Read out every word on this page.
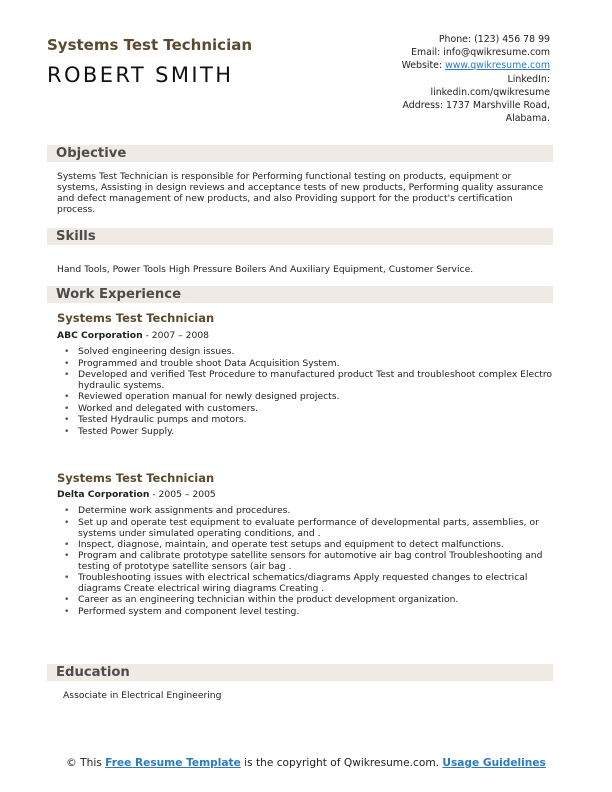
Systems Test Technician
ROBERT SMITH
Phone: (123) 456 78 99
Email: info@qwikresume.com
Website: www.qwikresume.com
LinkedIn:
linkedin.com/qwikresume
Address: 1737 Marshville Road,
Alabama.
Objective
Systems Test Technician is responsible for Performing functional testing on products, equipment or systems, Assisting in design reviews and acceptance tests of new products, Performing quality assurance and defect management of new products, and also Providing support for the product's certification process.
Skills
Hand Tools, Power Tools High Pressure Boilers And Auxiliary Equipment, Customer Service.
Work Experience
Systems Test Technician
ABC Corporation - 2007 – 2008
• Solved engineering design issues.
• Programmed and trouble shoot Data Acquisition System.
• Developed and verified Test Procedure to manufactured product Test and troubleshoot complex Electro hydraulic systems.
• Reviewed operation manual for newly designed projects.
• Worked and delegated with customers.
• Tested Hydraulic pumps and motors.
• Tested Power Supply.
Systems Test Technician
Delta Corporation - 2005 – 2005
• Determine work assignments and procedures.
• Set up and operate test equipment to evaluate performance of developmental parts, assemblies, or systems under simulated operating conditions, and .
• Inspect, diagnose, maintain, and operate test setups and equipment to detect malfunctions.
• Program and calibrate prototype satellite sensors for automotive air bag control Troubleshooting and testing of prototype satellite sensors (air bag .
• Troubleshooting issues with electrical schematics/diagrams Apply requested changes to electrical diagrams Create electrical wiring diagrams Creating .
• Career as an engineering technician within the product development organization.
• Performed system and component level testing.
Education
Associate in Electrical Engineering
© This Free Resume Template is the copyright of Qwikresume.com. Usage Guidelines
